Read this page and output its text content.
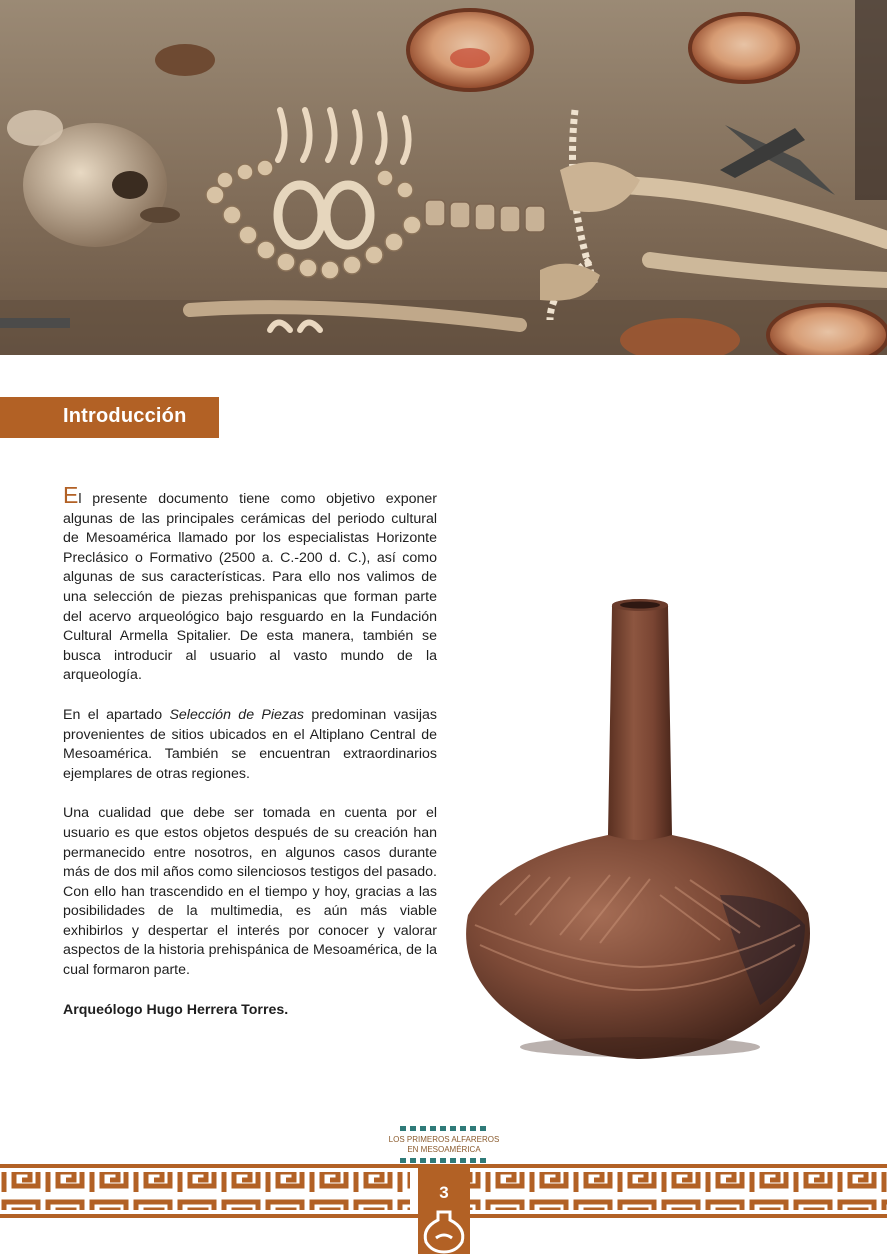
Introducción

El presente documento tiene como objetivo exponer algunas de las principales cerámicas del periodo cultural de Mesoamérica llamado por los especialistas Horizonte Preclásico o Formativo (2500 a. C.-200 d. C.), así como algunas de sus características. Para ello nos valimos de una selección de piezas prehispanicas que forman parte del acervo arqueológico bajo resguardo en la Fundación Cultural Armella Spitalier. De esta manera, también se busca introducir al usuario al vasto mundo de la arqueología.

En el apartado Selección de Piezas predominan vasijas provenientes de sitios ubicados en el Altiplano Central de Mesoamérica. También se encuentran extraordinarios ejemplares de otras regiones.

Una cualidad que debe ser tomada en cuenta por el usuario es que estos objetos después de su creación han permanecido entre nosotros, en algunos casos durante más de dos mil años como silenciosos testigos del pasado. Con ello han trascendido en el tiempo y hoy, gracias a las posibilidades de la multimedia, es aún más viable exhibirlos y despertar el interés por conocer y valorar aspectos de la historia prehispánica de Mesoamérica, de la cual formaron parte.

Arqueólogo Hugo Herrera Torres.

LOS PRIMEROS ALFAREROS
EN MESOAMÉRICA
3
